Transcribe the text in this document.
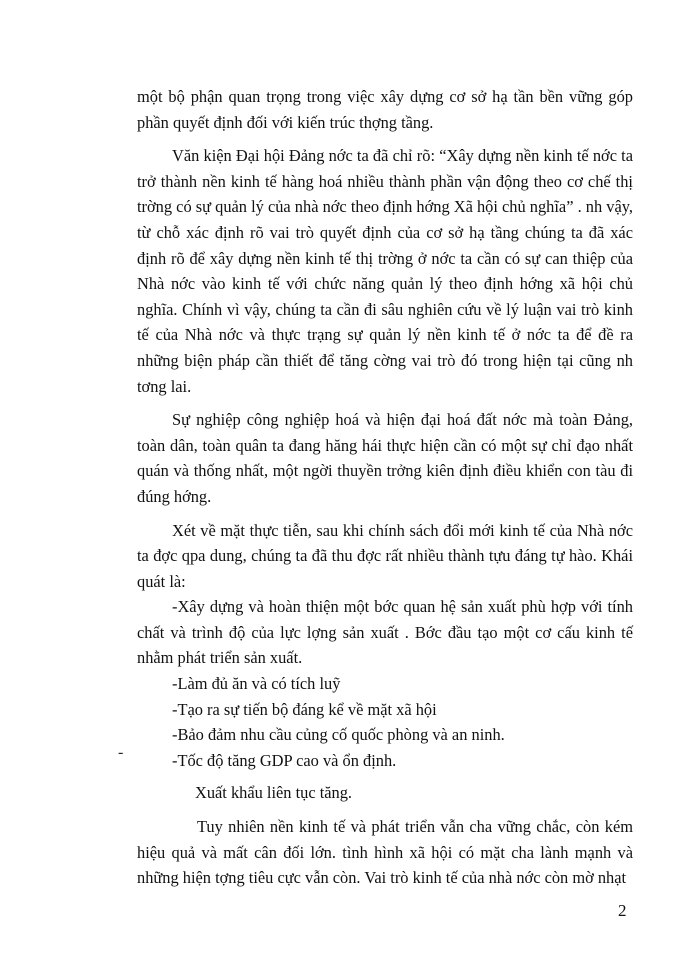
một bộ phận quan trọng trong việc xây dựng cơ sở hạ tần bền vững góp phần quyết định đối với kiến trúc thợng tầng.

Văn kiện Đại hội Đảng nớc ta đã chỉ rõ: “Xây dựng nền kinh tế nớc ta trở thành nền kinh tế hàng hoá nhiều thành phần vận động theo cơ chế thị trờng có sự quản lý của nhà nớc theo định hớng Xã hội chủ nghĩa” . nh vậy, từ chỗ xác định rõ vai trò quyết định của cơ sở hạ tầng chúng ta đã xác định rõ để xây dựng nền kinh tế thị trờng ở nớc ta cần có sự can thiệp của Nhà nớc vào kinh tế với chức năng quản lý theo định hớng xã hội chủ nghĩa. Chính vì vậy, chúng ta cần đi sâu nghiên cứu về lý luận vai trò kinh tế của Nhà nớc và thực trạng sự quản lý nền kinh tế ở nớc ta để đề ra những biện pháp cần thiết để tăng cờng vai trò đó trong hiện tại cũng nh tơng lai.

Sự nghiệp công nghiệp hoá và hiện đại hoá đất nớc mà toàn Đảng, toàn dân, toàn quân ta đang hăng hái thực hiện cần có một sự chỉ đạo nhất quán và thống nhất, một ngời thuyền trởng kiên định điều khiển con tàu đi đúng hớng.

Xét về mặt thực tiễn, sau khi chính sách đổi mới kinh tế của Nhà nớc ta đợc qpa dung, chúng ta đã thu đợc rất nhiều thành tựu đáng tự hào. Khái quát là:

-Xây dựng và hoàn thiện một bớc quan hệ sản xuất phù hợp với tính chất và trình độ của lực lợng sản xuất . Bớc đầu tạo một cơ cấu kinh tế nhằm phát triển sản xuất.

-Làm đủ ăn và có tích luỹ

-Tạo ra sự tiến bộ đáng kể về mặt xã hội

-Bảo đảm nhu cầu củng cố quốc phòng và an ninh.

-Tốc độ tăng GDP cao và ổn định.

Xuất khẩu liên tục tăng.

Tuy nhiên nền kinh tế và phát triển vẫn cha vững chắc, còn kém hiệu quả và mất cân đối lớn. tình hình xã hội có mặt cha lành mạnh và những hiện tợng tiêu cực vẫn còn. Vai trò kinh tế của nhà nớc còn mờ nhạt

-
2
